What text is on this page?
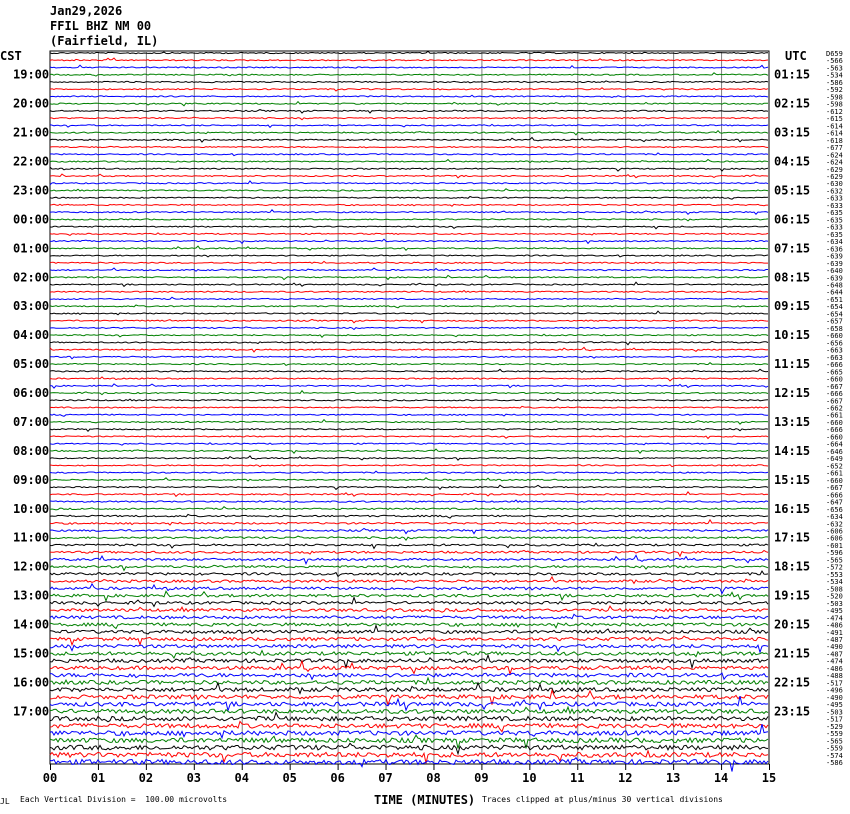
Jan29,2026
FFIL BHZ NM 00
(Fairfield, IL)
CST	UTC	D659
-566
-563
-534
-586
-592
-598
-598
-612
-615
-614
-614
-618
-677
-624
-624
-629
-629
-630
-632
-633
-633
-635
-635
-633
-635
-634
-636
-639
-639
-640
-639
-648
-644
-651
-654
-654
-657
-658
-660
-656
-663
-663
-666
-665
-660
-667
-666
-667
-662
-661
-660
-666
-660
-664
-646
-649
-652
-661
-660
-667
-666
-647
-656
-634
-632
-606
-606
-601
-596
-565
-572
-553
-534
-508
-520
-503
-495
-474
-486
-491
-487
-490
-487
-474
-486
-488
-517
-496
-490
-495
-503
-517
-529
-559
-565
-559
-574
-586
19:00
20:00
21:00
22:00
23:00
00:00
01:00
02:00
03:00
04:00
05:00
06:00
07:00
08:00
09:00
10:00
11:00
12:00
13:00
14:00
15:00
16:00
17:00
01:15
02:15
03:15
04:15
05:15
06:15
07:15
08:15
09:15
10:15
11:15
12:15
13:15
14:15
15:15
16:15
17:15
18:15
19:15
20:15
21:15
22:15
23:15
00	01	02	03	04	05	06	07	08	09	10	11	12	13	14	15
JL Each Vertical Division =  100.00 microvolts	TIME (MINUTES) Traces clipped at plus/minus 30 vertical divisions
